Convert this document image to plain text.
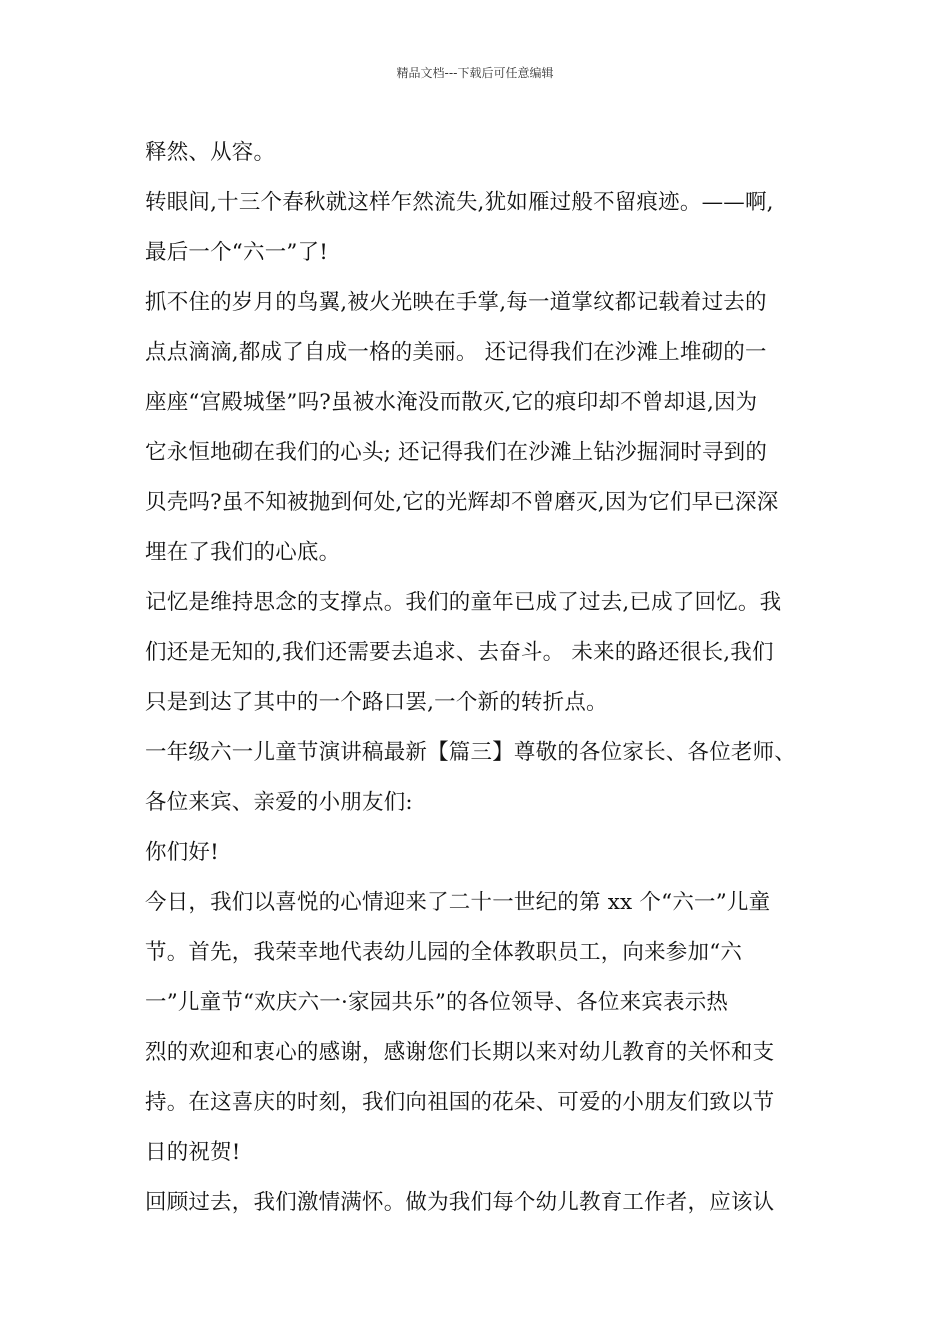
精品文档---下载后可任意编辑
释然、从容。
转眼间,十三个春秋就这样乍然流失,犹如雁过般不留痕迹。——啊,
最后一个“六一”了!
抓不住的岁月的鸟翼,被火光映在手掌,每一道掌纹都记载着过去的
点点滴滴,都成了自成一格的美丽。 还记得我们在沙滩上堆砌的一
座座“宫殿城堡”吗?虽被水淹没而散灭,它的痕印却不曾却退,因为
它永恒地砌在我们的心头; 还记得我们在沙滩上钻沙掘洞时寻到的
贝壳吗?虽不知被抛到何处,它的光辉却不曾磨灭,因为它们早已深深
埋在了我们的心底。
记忆是维持思念的支撑点。我们的童年已成了过去,已成了回忆。我
们还是无知的,我们还需要去追求、去奋斗。 未来的路还很长,我们
只是到达了其中的一个路口罢,一个新的转折点。
一年级六一儿童节演讲稿最新【篇三】尊敬的各位家长、各位老师、
各位来宾、亲爱的小朋友们:
你们好!
今日，我们以喜悦的心情迎来了二十一世纪的第 xx 个“六一”儿童
节。首先，我荣幸地代表幼儿园的全体教职员工，向来参加“六
一”儿童节“欢庆六一·家园共乐”的各位领导、各位来宾表示热
烈的欢迎和衷心的感谢，感谢您们长期以来对幼儿教育的关怀和支
持。在这喜庆的时刻，我们向祖国的花朵、可爱的小朋友们致以节
日的祝贺!
回顾过去，我们激情满怀。做为我们每个幼儿教育工作者，应该认
